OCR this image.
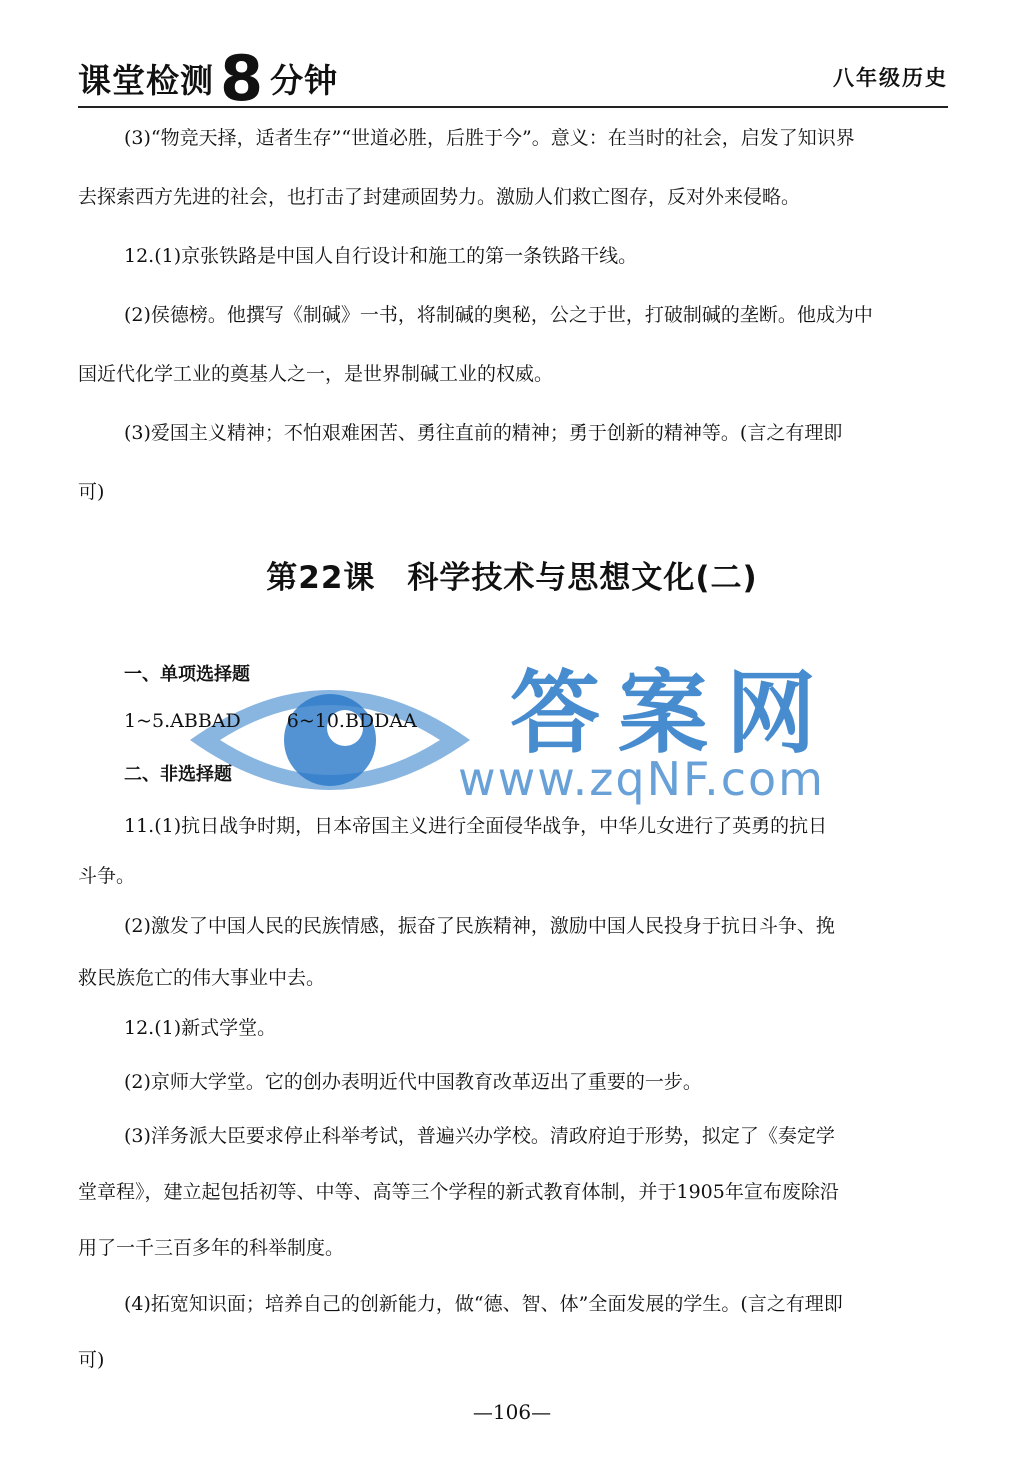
课堂检测8 分钟	八年级历史
(3)“物竞天择，适者生存”“世道必胜，后胜于今”。意义：在当时的社会，启发了知识界
去探索西方先进的社会，也打击了封建顽固势力。激励人们救亡图存，反对外来侵略。
12.(1)京张铁路是中国人自行设计和施工的第一条铁路干线。
(2)侯德榜。他撰写《制碱》一书，将制碱的奥秘，公之于世，打破制碱的垄断。他成为中
国近代化学工业的奠基人之一，是世界制碱工业的权威。
(3)爱国主义精神；不怕艰难困苦、勇往直前的精神；勇于创新的精神等。(言之有理即
可)
第22课　科学技术与思想文化(二)
答案网
www.zqNF.com
一、单项选择题
1~5.ABBAD 6~10.BDDAA
二、非选择题
11.(1)抗日战争时期，日本帝国主义进行全面侵华战争，中华儿女进行了英勇的抗日
斗争。
(2)激发了中国人民的民族情感，振奋了民族精神，激励中国人民投身于抗日斗争、挽
救民族危亡的伟大事业中去。
12.(1)新式学堂。
(2)京师大学堂。它的创办表明近代中国教育改革迈出了重要的一步。
(3)洋务派大臣要求停止科举考试，普遍兴办学校。清政府迫于形势，拟定了《奏定学
堂章程》，建立起包括初等、中等、高等三个学程的新式教育体制，并于1905年宣布废除沿
用了一千三百多年的科举制度。
(4)拓宽知识面；培养自己的创新能力，做“德、智、体”全面发展的学生。(言之有理即
可)
—106—
